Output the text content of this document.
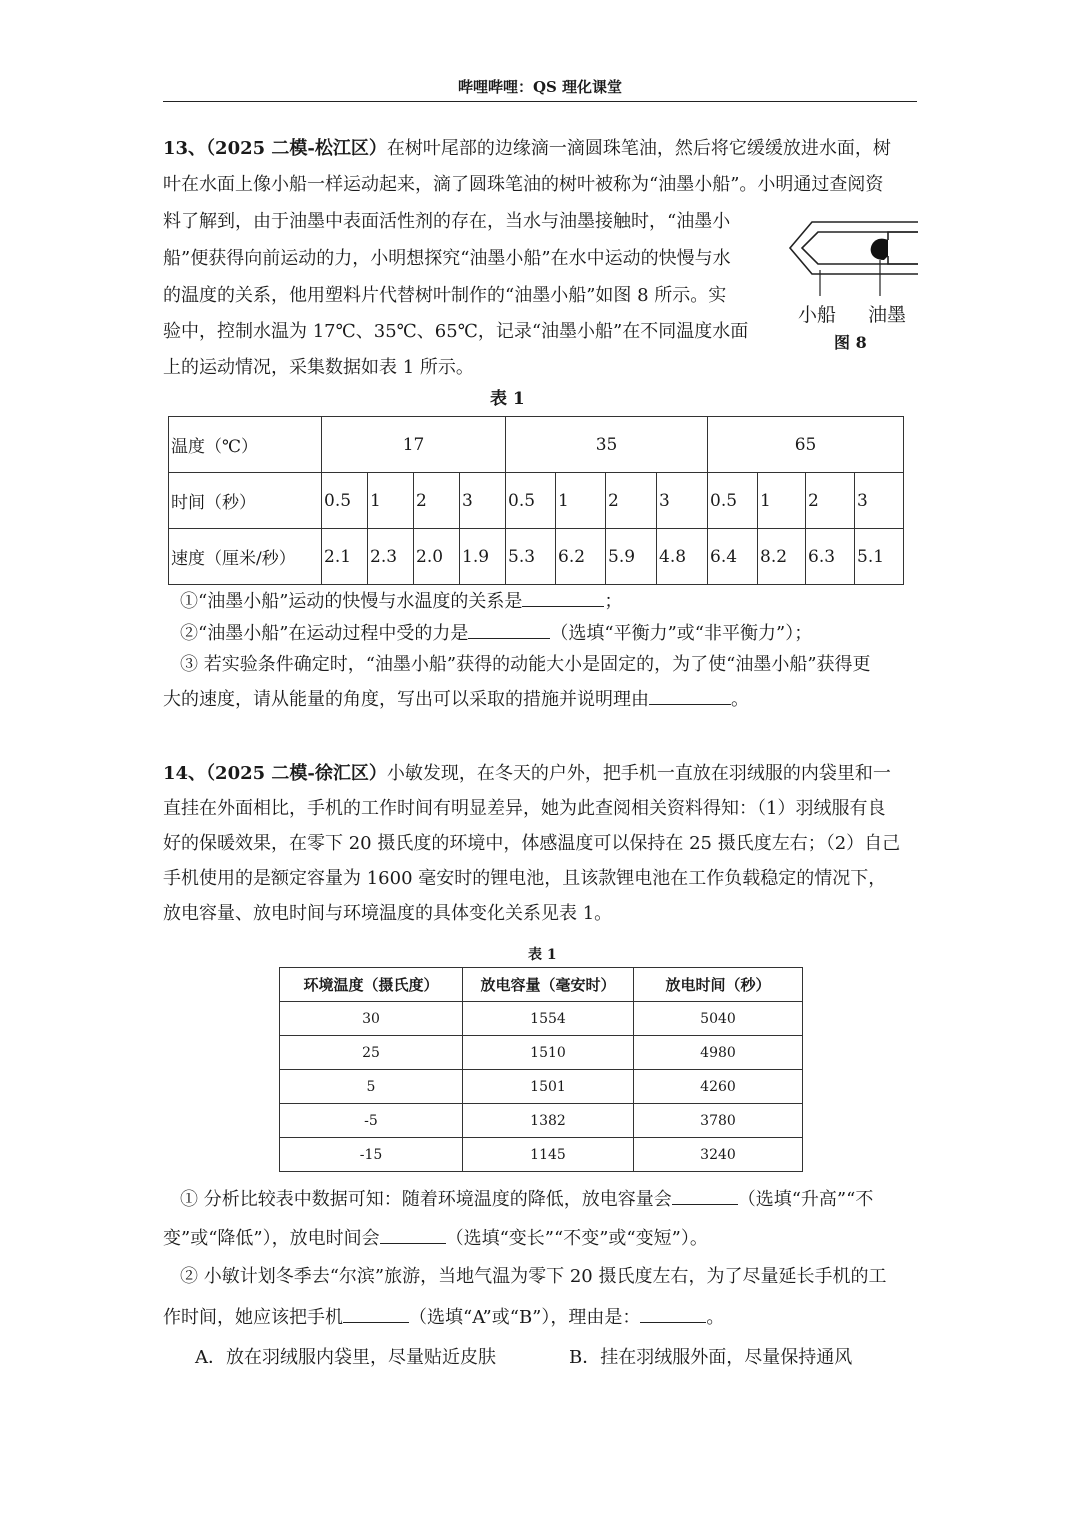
哔哩哔哩：QS 理化课堂
13、（2025 二模-松江区）在树叶尾部的边缘滴一滴圆珠笔油，然后将它缓缓放进水面，树
叶在水面上像小船一样运动起来，滴了圆珠笔油的树叶被称为“油墨小船”。小明通过查阅资
料了解到，由于油墨中表面活性剂的存在，当水与油墨接触时，“油墨小
船”便获得向前运动的力，小明想探究“油墨小船”在水中运动的快慢与水
的温度的关系，他用塑料片代替树叶制作的“油墨小船”如图 8 所示。实
验中，控制水温为 17℃、35℃、65℃，记录“油墨小船”在不同温度水面
上的运动情况，采集数据如表 1 所示。
小船 油墨
图 8
表 1
温度（℃）	17				35				65			
时间（秒）	0.5	1	2	3	0.5	1	2	3	0.5	1	2	3
速度（厘米/秒）	2.1	2.3	2.0	1.9	5.3	6.2	5.9	4.8	6.4	8.2	6.3	5.1
①“油墨小船”运动的快慢与水温度的关系是	；
②“油墨小船”在运动过程中受的力是	（选填“平衡力”或“非平衡力”）；
③ 若实验条件确定时，“油墨小船”获得的动能大小是固定的，为了使“油墨小船”获得更
大的速度，请从能量的角度，写出可以采取的措施并说明理由	。
14、（2025 二模-徐汇区）小敏发现，在冬天的户外，把手机一直放在羽绒服的内袋里和一
直挂在外面相比，手机的工作时间有明显差异，她为此查阅相关资料得知：（1）羽绒服有良
好的保暖效果，在零下 20 摄氏度的环境中，体感温度可以保持在 25 摄氏度左右；（2）自己
手机使用的是额定容量为 1600 毫安时的锂电池，且该款锂电池在工作负载稳定的情况下，
放电容量、放电时间与环境温度的具体变化关系见表 1。
表 1
环境温度（摄氏度）	放电容量（毫安时）	放电时间（秒）
30	1554	5040
25	1510	4980
5	1501	4260
-5	1382	3780
-15	1145	3240
① 分析比较表中数据可知：随着环境温度的降低，放电容量会	（选填“升高”“不
变”或“降低”），放电时间会	（选填“变长”“不变”或“变短”）。
② 小敏计划冬季去“尔滨”旅游，当地气温为零下 20 摄氏度左右，为了尽量延长手机的工
作时间，她应该把手机	（选填“A”或“B”），理由是：	。
A．放在羽绒服内袋里，尽量贴近皮肤	B．挂在羽绒服外面，尽量保持通风
